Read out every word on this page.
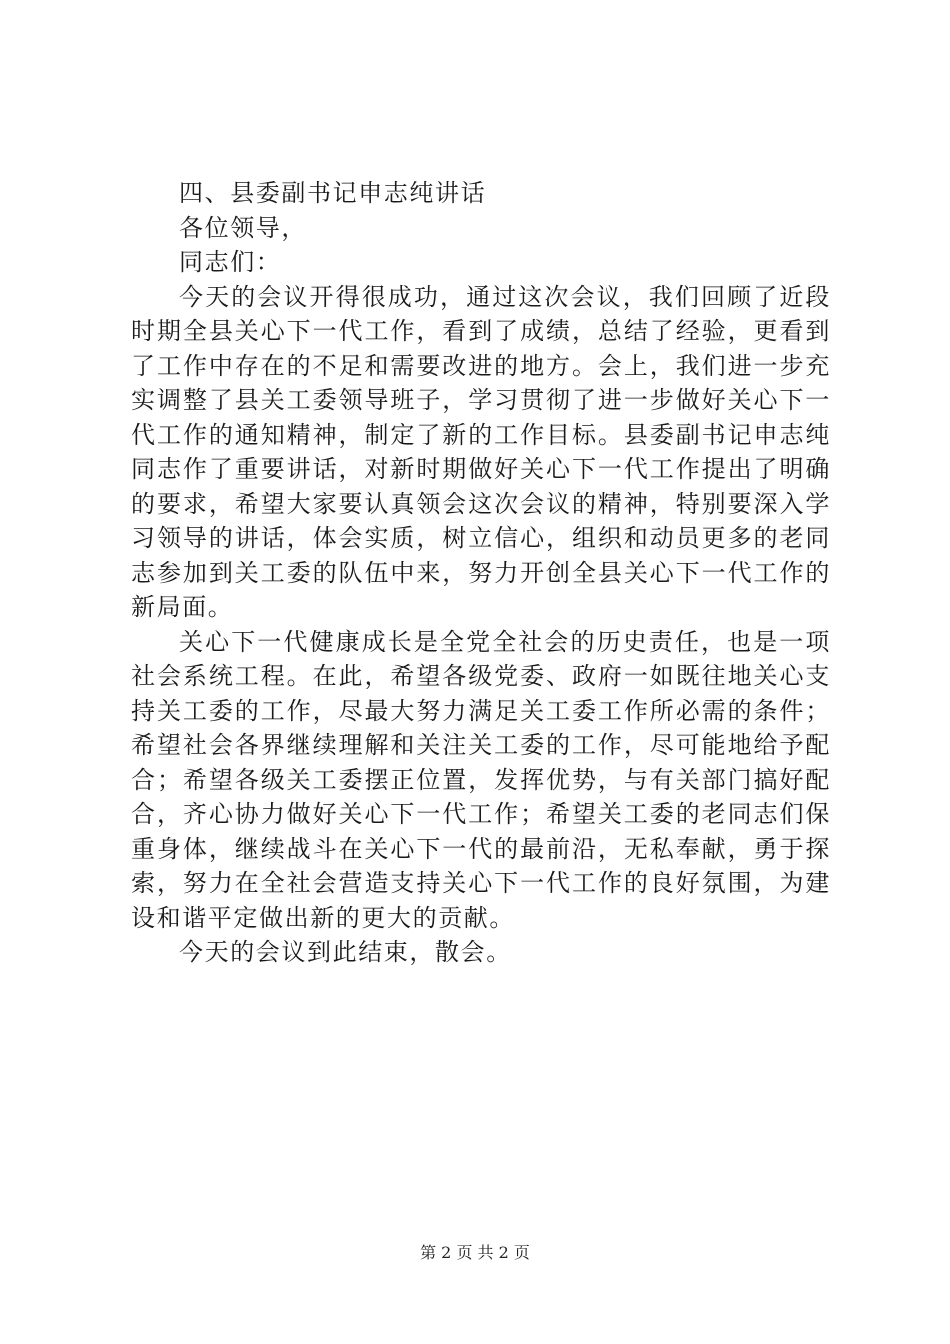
四、县委副书记申志纯讲话

各位领导，

同志们：

今天的会议开得很成功，通过这次会议，我们回顾了近段时期全县关心下一代工作，看到了成绩，总结了经验，更看到了工作中存在的不足和需要改进的地方。会上，我们进一步充实调整了县关工委领导班子，学习贯彻了进一步做好关心下一代工作的通知精神，制定了新的工作目标。县委副书记申志纯同志作了重要讲话，对新时期做好关心下一代工作提出了明确的要求，希望大家要认真领会这次会议的精神，特别要深入学习领导的讲话，体会实质，树立信心，组织和动员更多的老同志参加到关工委的队伍中来，努力开创全县关心下一代工作的新局面。

关心下一代健康成长是全党全社会的历史责任，也是一项社会系统工程。在此，希望各级党委、政府一如既往地关心支持关工委的工作，尽最大努力满足关工委工作所必需的条件；希望社会各界继续理解和关注关工委的工作，尽可能地给予配合；希望各级关工委摆正位置，发挥优势，与有关部门搞好配合，齐心协力做好关心下一代工作；希望关工委的老同志们保重身体，继续战斗在关心下一代的最前沿，无私奉献，勇于探索，努力在全社会营造支持关心下一代工作的良好氛围，为建设和谐平定做出新的更大的贡献。

今天的会议到此结束，散会。

第 2 页 共 2 页
